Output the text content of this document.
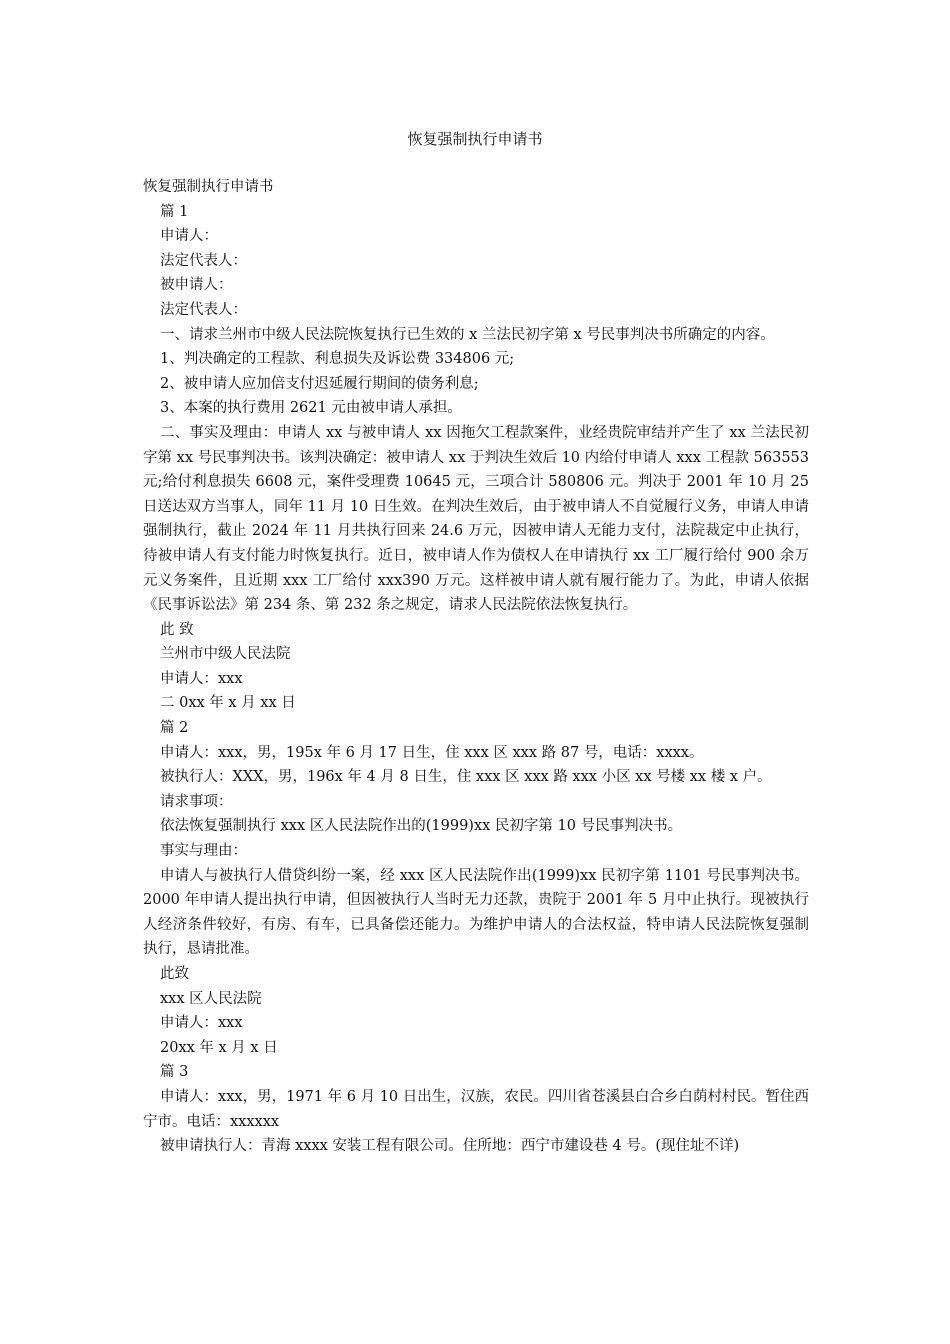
恢复强制执行申请书

恢复强制执行申请书

篇 1

申请人：

法定代表人：

被申请人：

法定代表人：

一、请求兰州市中级人民法院恢复执行已生效的 x 兰法民初字第 x 号民事判决书所确定的内容。

1、判决确定的工程款、利息损失及诉讼费 334806 元;

2、被申请人应加倍支付迟延履行期间的债务利息;

3、本案的执行费用 2621 元由被申请人承担。

二、事实及理由：申请人 xx 与被申请人 xx 因拖欠工程款案件，业经贵院审结并产生了 xx 兰法民初字第 xx 号民事判决书。该判决确定：被申请人 xx 于判决生效后 10 内给付申请人 xxx 工程款 563553 元;给付利息损失 6608 元，案件受理费 10645 元，三项合计 580806 元。判决于 2001 年 10 月 25 日送达双方当事人，同年 11 月 10 日生效。在判决生效后，由于被申请人不自觉履行义务，申请人申请强制执行，截止 2024 年 11 月共执行回来 24.6 万元，因被申请人无能力支付，法院裁定中止执行，待被申请人有支付能力时恢复执行。近日，被申请人作为债权人在申请执行 xx 工厂履行给付 900 余万元义务案件，且近期 xxx 工厂给付 xxx390 万元。这样被申请人就有履行能力了。为此，申请人依据《民事诉讼法》第 234 条、第 232 条之规定，请求人民法院依法恢复执行。

此 致

兰州市中级人民法院

申请人：xxx

二 0xx 年 x 月 xx 日

篇 2

申请人：xxx，男，195x 年 6 月 17 日生，住 xxx 区 xxx 路 87 号，电话：xxxx。

被执行人：XXX，男，196x 年 4 月 8 日生，住 xxx 区 xxx 路 xxx 小区 xx 号楼 xx 楼 x 户。

请求事项：

依法恢复强制执行 xxx 区人民法院作出的(1999)xx 民初字第 10 号民事判决书。

事实与理由：

申请人与被执行人借贷纠纷一案，经 xxx 区人民法院作出(1999)xx 民初字第 1101 号民事判决书。2000 年申请人提出执行申请，但因被执行人当时无力还款，贵院于 2001 年 5 月中止执行。现被执行人经济条件较好，有房、有车，已具备偿还能力。为维护申请人的合法权益，特申请人民法院恢复强制执行，恳请批准。

此致

xxx 区人民法院

申请人：xxx

20xx 年 x 月 x 日

篇 3

申请人：xxx，男，1971 年 6 月 10 日出生，汉族，农民。四川省苍溪县白合乡白荫村村民。暂住西宁市。电话：xxxxxx

被申请执行人：青海 xxxx 安装工程有限公司。住所地：西宁市建设巷 4 号。(现住址不详)
